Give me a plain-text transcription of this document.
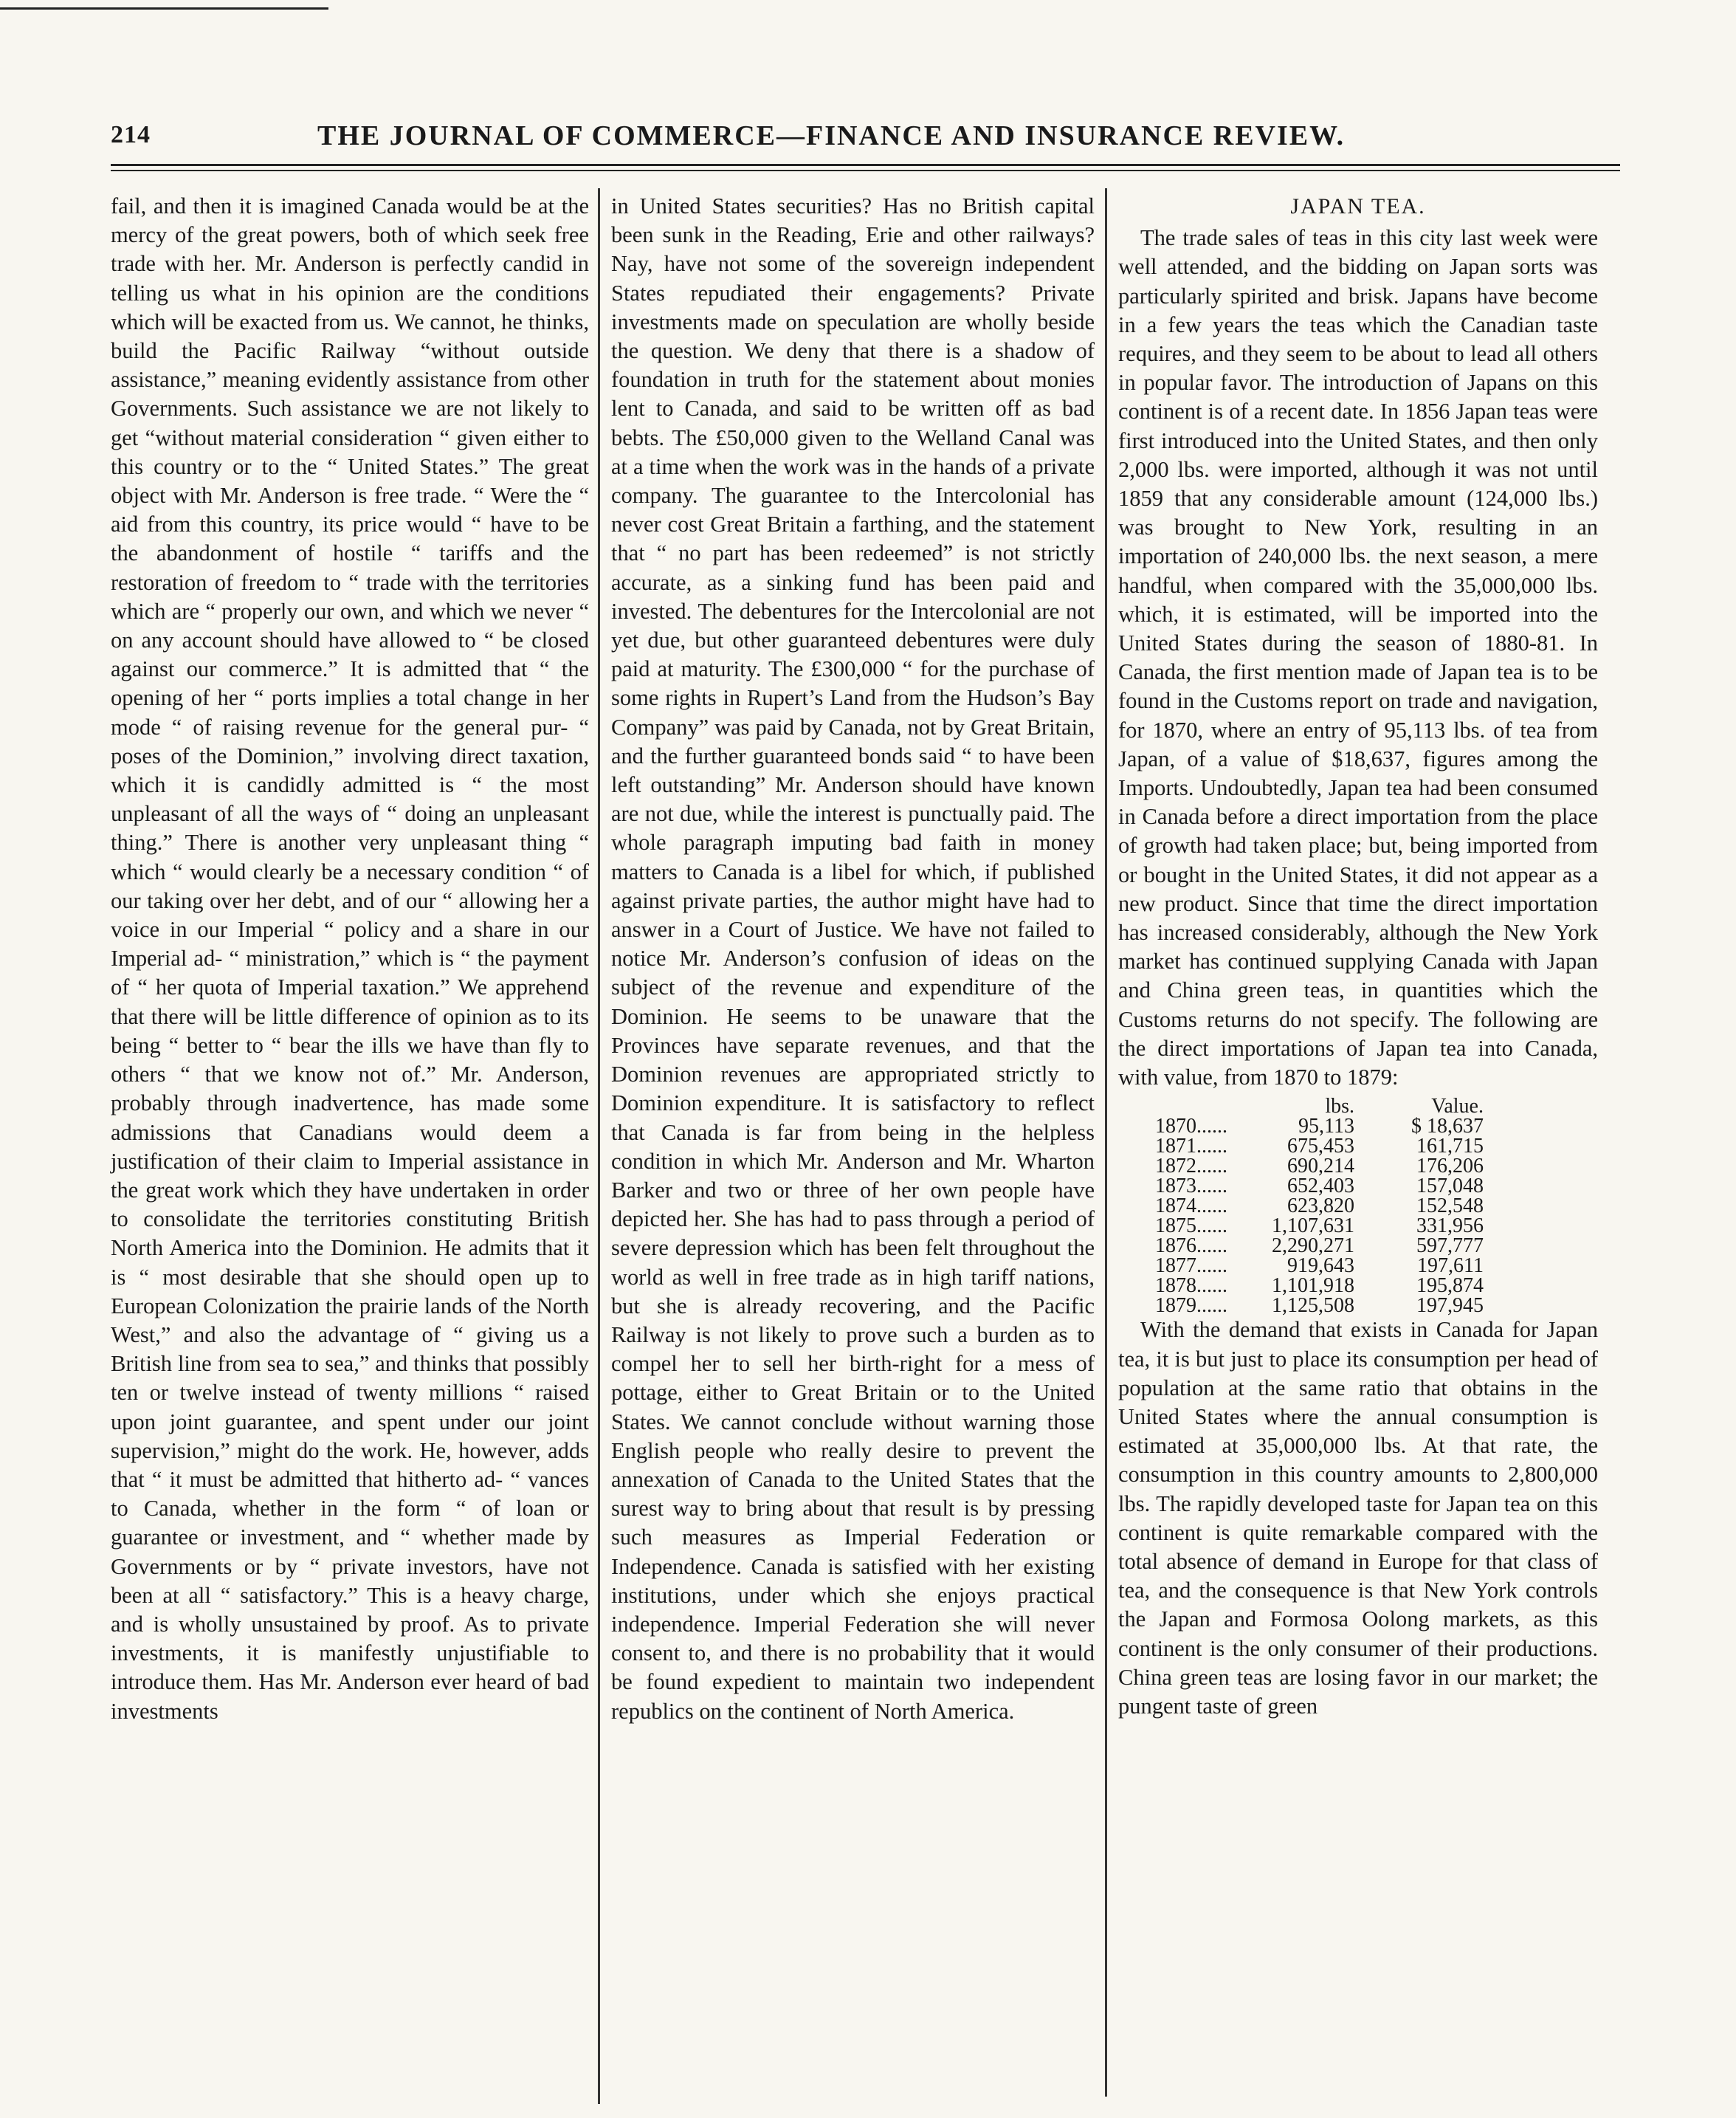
214	THE JOURNAL OF COMMERCE—FINANCE AND INSURANCE REVIEW.

fail, and then it is imagined Canada would be at the mercy of the great powers, both of which seek free trade with her. Mr. Anderson is perfectly candid in telling us what in his opinion are the conditions which will be exacted from us. We cannot, he thinks, build the Pacific Railway “without outside assistance,” meaning evidently assistance from other Governments. Such assistance we are not likely to get “without material consideration “ given either to this country or to the “ United States.” The great object with Mr. Anderson is free trade. “ Were the “ aid from this country, its price would “ have to be the abandonment of hostile “ tariffs and the restoration of freedom to “ trade with the territories which are “ properly our own, and which we never “ on any account should have allowed to “ be closed against our commerce.” It is admitted that “ the opening of her “ ports implies a total change in her mode “ of raising revenue for the general pur- “ poses of the Dominion,” involving direct taxation, which it is candidly admitted is “ the most unpleasant of all the ways of “ doing an unpleasant thing.” There is another very unpleasant thing “ which “ would clearly be a necessary condition “ of our taking over her debt, and of our “ allowing her a voice in our Imperial “ policy and a share in our Imperial ad- “ ministration,” which is “ the payment of “ her quota of Imperial taxation.” We apprehend that there will be little difference of opinion as to its being “ better to “ bear the ills we have than fly to others “ that we know not of.” Mr. Anderson, probably through inadvertence, has made some admissions that Canadians would deem a justification of their claim to Imperial assistance in the great work which they have undertaken in order to consolidate the territories constituting British North America into the Dominion. He admits that it is “ most desirable that she should open up to European Colonization the prairie lands of the North West,” and also the advantage of “ giving us a British line from sea to sea,” and thinks that possibly ten or twelve instead of twenty millions “ raised upon joint guarantee, and spent under our joint supervision,” might do the work. He, however, adds that “ it must be admitted that hitherto ad- “ vances to Canada, whether in the form “ of loan or guarantee or investment, and “ whether made by Governments or by “ private investors, have not been at all “ satisfactory.” This is a heavy charge, and is wholly unsustained by proof. As to private investments, it is manifestly unjustifiable to introduce them. Has Mr. Anderson ever heard of bad investments

in United States securities? Has no British capital been sunk in the Reading, Erie and other railways? Nay, have not some of the sovereign independent States repudiated their engagements? Private investments made on speculation are wholly beside the question. We deny that there is a shadow of foundation in truth for the statement about monies lent to Canada, and said to be written off as bad bebts. The £50,000 given to the Welland Canal was at a time when the work was in the hands of a private company. The guarantee to the Intercolonial has never cost Great Britain a farthing, and the statement that “ no part has been redeemed” is not strictly accurate, as a sinking fund has been paid and invested. The debentures for the Intercolonial are not yet due, but other guaranteed debentures were duly paid at maturity. The £300,000 “ for the purchase of some rights in Rupert’s Land from the Hudson’s Bay Company” was paid by Canada, not by Great Britain, and the further guaranteed bonds said “ to have been left outstanding” Mr. Anderson should have known are not due, while the interest is punctually paid. The whole paragraph imputing bad faith in money matters to Canada is a libel for which, if published against private parties, the author might have had to answer in a Court of Justice. We have not failed to notice Mr. Anderson’s confusion of ideas on the subject of the revenue and expenditure of the Dominion. He seems to be unaware that the Provinces have separate revenues, and that the Dominion revenues are appropriated strictly to Dominion expenditure. It is satisfactory to reflect that Canada is far from being in the helpless condition in which Mr. Anderson and Mr. Wharton Barker and two or three of her own people have depicted her. She has had to pass through a period of severe depression which has been felt throughout the world as well in free trade as in high tariff nations, but she is already recovering, and the Pacific Railway is not likely to prove such a burden as to compel her to sell her birth-right for a mess of pottage, either to Great Britain or to the United States. We cannot conclude without warning those English people who really desire to prevent the annexation of Canada to the United States that the surest way to bring about that result is by pressing such measures as Imperial Federation or Independence. Canada is satisfied with her existing institutions, under which she enjoys practical independence. Imperial Federation she will never consent to, and there is no probability that it would be found expedient to maintain two independent republics on the continent of North America.

JAPAN TEA.

The trade sales of teas in this city last week were well attended, and the bidding on Japan sorts was particularly spirited and brisk. Japans have become in a few years the teas which the Canadian taste requires, and they seem to be about to lead all others in popular favor. The introduction of Japans on this continent is of a recent date. In 1856 Japan teas were first introduced into the United States, and then only 2,000 lbs. were imported, although it was not until 1859 that any considerable amount (124,000 lbs.) was brought to New York, resulting in an importation of 240,000 lbs. the next season, a mere handful, when compared with the 35,000,000 lbs. which, it is estimated, will be imported into the United States during the season of 1880-81. In Canada, the first mention made of Japan tea is to be found in the Customs report on trade and navigation, for 1870, where an entry of 95,113 lbs. of tea from Japan, of a value of $18,637, figures among the Imports. Undoubtedly, Japan tea had been consumed in Canada before a direct importation from the place of growth had taken place; but, being imported from or bought in the United States, it did not appear as a new product. Since that time the direct importation has increased considerably, although the New York market has continued supplying Canada with Japan and China green teas, in quantities which the Customs returns do not specify. The following are the direct importations of Japan tea into Canada, with value, from 1870 to 1879:

	lbs.	Value.
1870......	95,113	$ 18,637
1871......	675,453	161,715
1872......	690,214	176,206
1873......	652,403	157,048
1874......	623,820	152,548
1875......	1,107,631	331,956
1876......	2,290,271	597,777
1877......	919,643	197,611
1878......	1,101,918	195,874
1879......	1,125,508	197,945

With the demand that exists in Canada for Japan tea, it is but just to place its consumption per head of population at the same ratio that obtains in the United States where the annual consumption is estimated at 35,000,000 lbs. At that rate, the consumption in this country amounts to 2,800,000 lbs. The rapidly developed taste for Japan tea on this continent is quite remarkable compared with the total absence of demand in Europe for that class of tea, and the consequence is that New York controls the Japan and Formosa Oolong markets, as this continent is the only consumer of their productions. China green teas are losing favor in our market; the pungent taste of green
